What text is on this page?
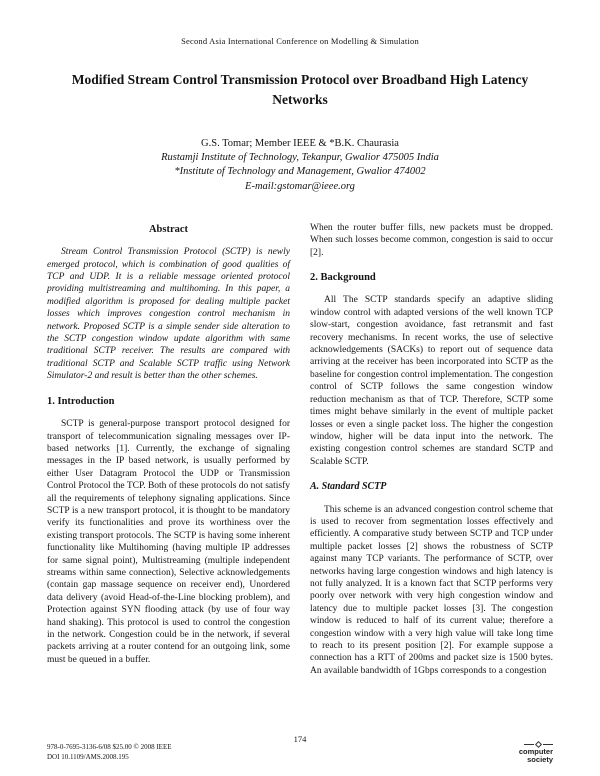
Second Asia International Conference on Modelling & Simulation
Modified Stream Control Transmission Protocol over Broadband High Latency Networks
G.S. Tomar; Member IEEE & *B.K. Chaurasia
Rustamji Institute of Technology, Tekanpur, Gwalior 475005 India
*Institute of Technology and Management, Gwalior 474002
E-mail:gstomar@ieee.org
Abstract

Stream Control Transmission Protocol (SCTP) is newly emerged protocol, which is combination of good qualities of TCP and UDP. It is a reliable message oriented protocol providing multistreaming and multihoming. In this paper, a modified algorithm is proposed for dealing multiple packet losses which improves congestion control mechanism in network. Proposed SCTP is a simple sender side alteration to the SCTP congestion window update algorithm with same traditional SCTP receiver. The results are compared with traditional SCTP and Scalable SCTP traffic using Network Simulator-2 and result is better than the other schemes.

1. Introduction

SCTP is general-purpose transport protocol designed for transport of telecommunication signaling messages over IP-based networks [1]. Currently, the exchange of signaling messages in the IP based network, is usually performed by either User Datagram Protocol the UDP or Transmission Control Protocol the TCP. Both of these protocols do not satisfy all the requirements of telephony signaling applications. Since SCTP is a new transport protocol, it is thought to be mandatory verify its functionalities and prove its worthiness over the existing transport protocols. The SCTP is having some inherent functionality like Multihoming (having multiple IP addresses for same signal point), Multistreaming (multiple independent streams within same connection), Selective acknowledgements (contain gap massage sequence on receiver end), Unordered data delivery (avoid Head-of-the-Line blocking problem), and Protection against SYN flooding attack (by use of four way hand shaking). This protocol is used to control the congestion in the network. Congestion could be in the network, if several packets arriving at a router contend for an outgoing link, some must be queued in a buffer.

When the router buffer fills, new packets must be dropped. When such losses become common, congestion is said to occur [2].

2. Background

All The SCTP standards specify an adaptive sliding window control with adapted versions of the well known TCP slow-start, congestion avoidance, fast retransmit and fast recovery mechanisms. In recent works, the use of selective acknowledgements (SACKs) to report out of sequence data arriving at the receiver has been incorporated into SCTP as the baseline for congestion control implementation. The congestion control of SCTP follows the same congestion window reduction mechanism as that of TCP. Therefore, SCTP some times might behave similarly in the event of multiple packet losses or even a single packet loss. The higher the congestion window, higher will be data input into the network. The existing congestion control schemes are standard SCTP and Scalable SCTP.

A. Standard SCTP

This scheme is an advanced congestion control scheme that is used to recover from segmentation losses effectively and efficiently. A comparative study between SCTP and TCP under multiple packet losses [2] shows the robustness of SCTP against many TCP variants. The performance of SCTP, over networks having large congestion windows and high latency is not fully analyzed. It is a known fact that SCTP performs very poorly over network with very high congestion window and latency due to multiple packet losses [3]. The congestion window is reduced to half of its current value; therefore a congestion window with a very high value will take long time to reach to its present position [2]. For example suppose a connection has a RTT of 200ms and packet size is 1500 bytes. An available bandwidth of 1Gbps corresponds to a congestion

978-0-7695-3136-6/08 $25.00 © 2008 IEEE
DOI 10.1109/AMS.2008.195
174
computer
society
